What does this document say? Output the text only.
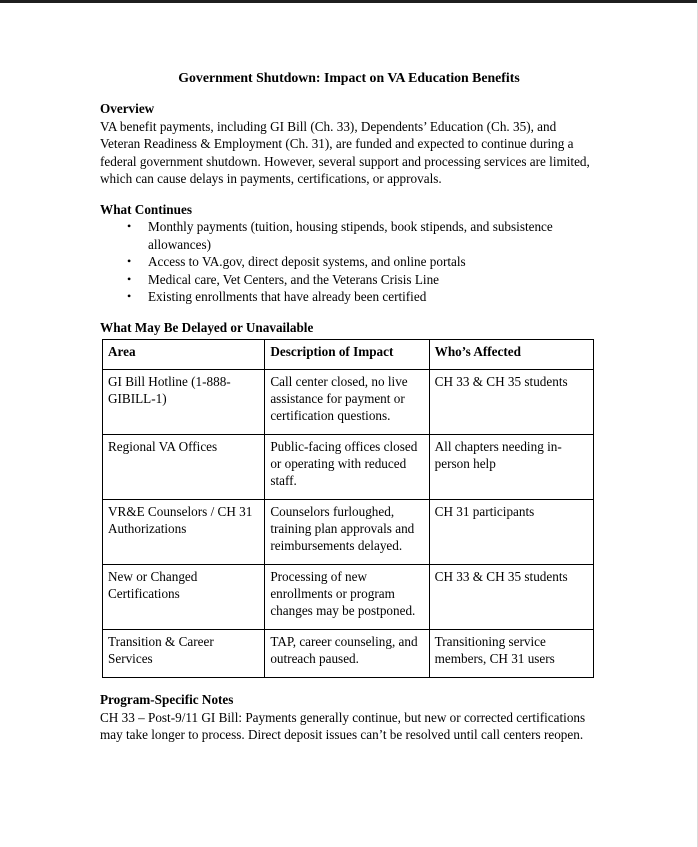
Government Shutdown: Impact on VA Education Benefits
Overview

VA benefit payments, including GI Bill (Ch. 33), Dependents’ Education (Ch. 35), and Veteran Readiness & Employment (Ch. 31), are funded and expected to continue during a federal government shutdown. However, several support and processing services are limited, which can cause delays in payments, certifications, or approvals.

What Continues
• Monthly payments (tuition, housing stipends, book stipends, and subsistence allowances)
• Access to VA.gov, direct deposit systems, and online portals
• Medical care, Vet Centers, and the Veterans Crisis Line
• Existing enrollments that have already been certified
What May Be Delayed or Unavailable
Area	Description of Impact	Who’s Affected
GI Bill Hotline (1-888-GIBILL-1)	Call center closed, no live assistance for payment or certification questions.	CH 33 & CH 35 students
Regional VA Offices	Public-facing offices closed or operating with reduced staff.	All chapters needing in-person help
VR&E Counselors / CH 31 Authorizations	Counselors furloughed, training plan approvals and reimbursements delayed.	CH 31 participants
New or Changed Certifications	Processing of new enrollments or program changes may be postponed.	CH 33 & CH 35 students
Transition & Career Services	TAP, career counseling, and outreach paused.	Transitioning service members, CH 31 users
Program-Specific Notes

CH 33 – Post-9/11 GI Bill: Payments generally continue, but new or corrected certifications may take longer to process. Direct deposit issues can’t be resolved until call centers reopen.
